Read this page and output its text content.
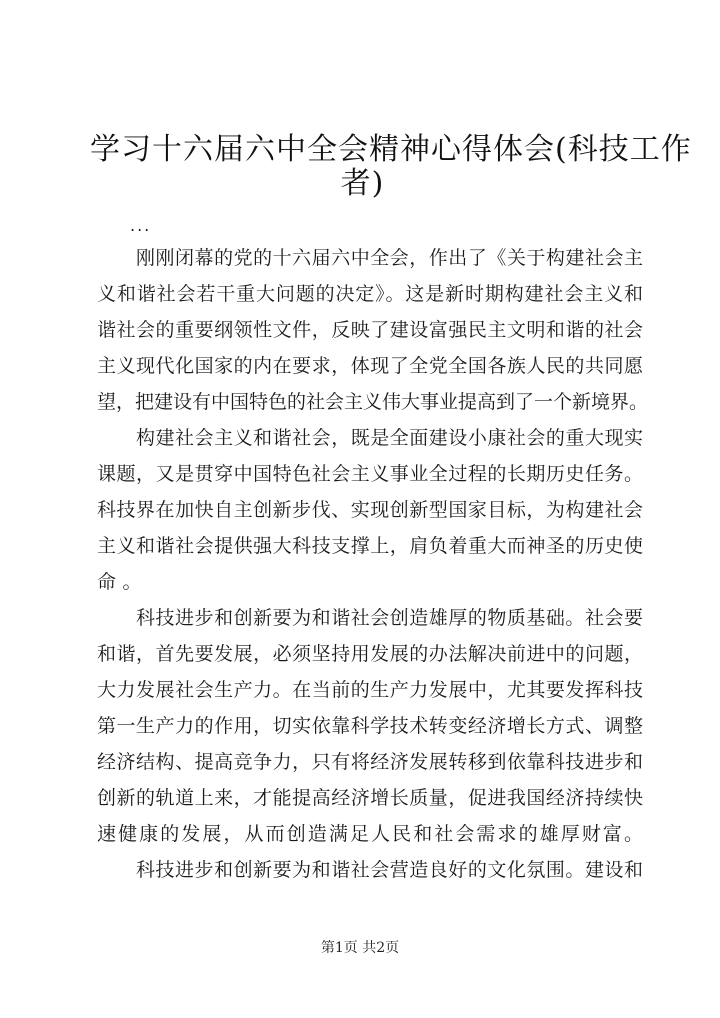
学习十六届六中全会精神心得体会(科技工作
者)
...
刚刚闭幕的党的十六届六中全会，作出了《关于构建社会主
义和谐社会若干重大问题的决定》。这是新时期构建社会主义和
谐社会的重要纲领性文件，反映了建设富强民主文明和谐的社会
主义现代化国家的内在要求，体现了全党全国各族人民的共同愿
望，把建设有中国特色的社会主义伟大事业提高到了一个新境界。
构建社会主义和谐社会，既是全面建设小康社会的重大现实
课题，又是贯穿中国特色社会主义事业全过程的长期历史任务。
科技界在加快自主创新步伐、实现创新型国家目标，为构建社会
主义和谐社会提供强大科技支撑上，肩负着重大而神圣的历史使
命。
科技进步和创新要为和谐社会创造雄厚的物质基础。社会要
和谐，首先要发展，必须坚持用发展的办法解决前进中的问题，
大力发展社会生产力。在当前的生产力发展中，尤其要发挥科技
第一生产力的作用，切实依靠科学技术转变经济增长方式、调整
经济结构、提高竞争力，只有将经济发展转移到依靠科技进步和
创新的轨道上来，才能提高经济增长质量，促进我国经济持续快
速健康的发展，从而创造满足人民和社会需求的雄厚财富。
科技进步和创新要为和谐社会营造良好的文化氛围。建设和
第1页 共2页
